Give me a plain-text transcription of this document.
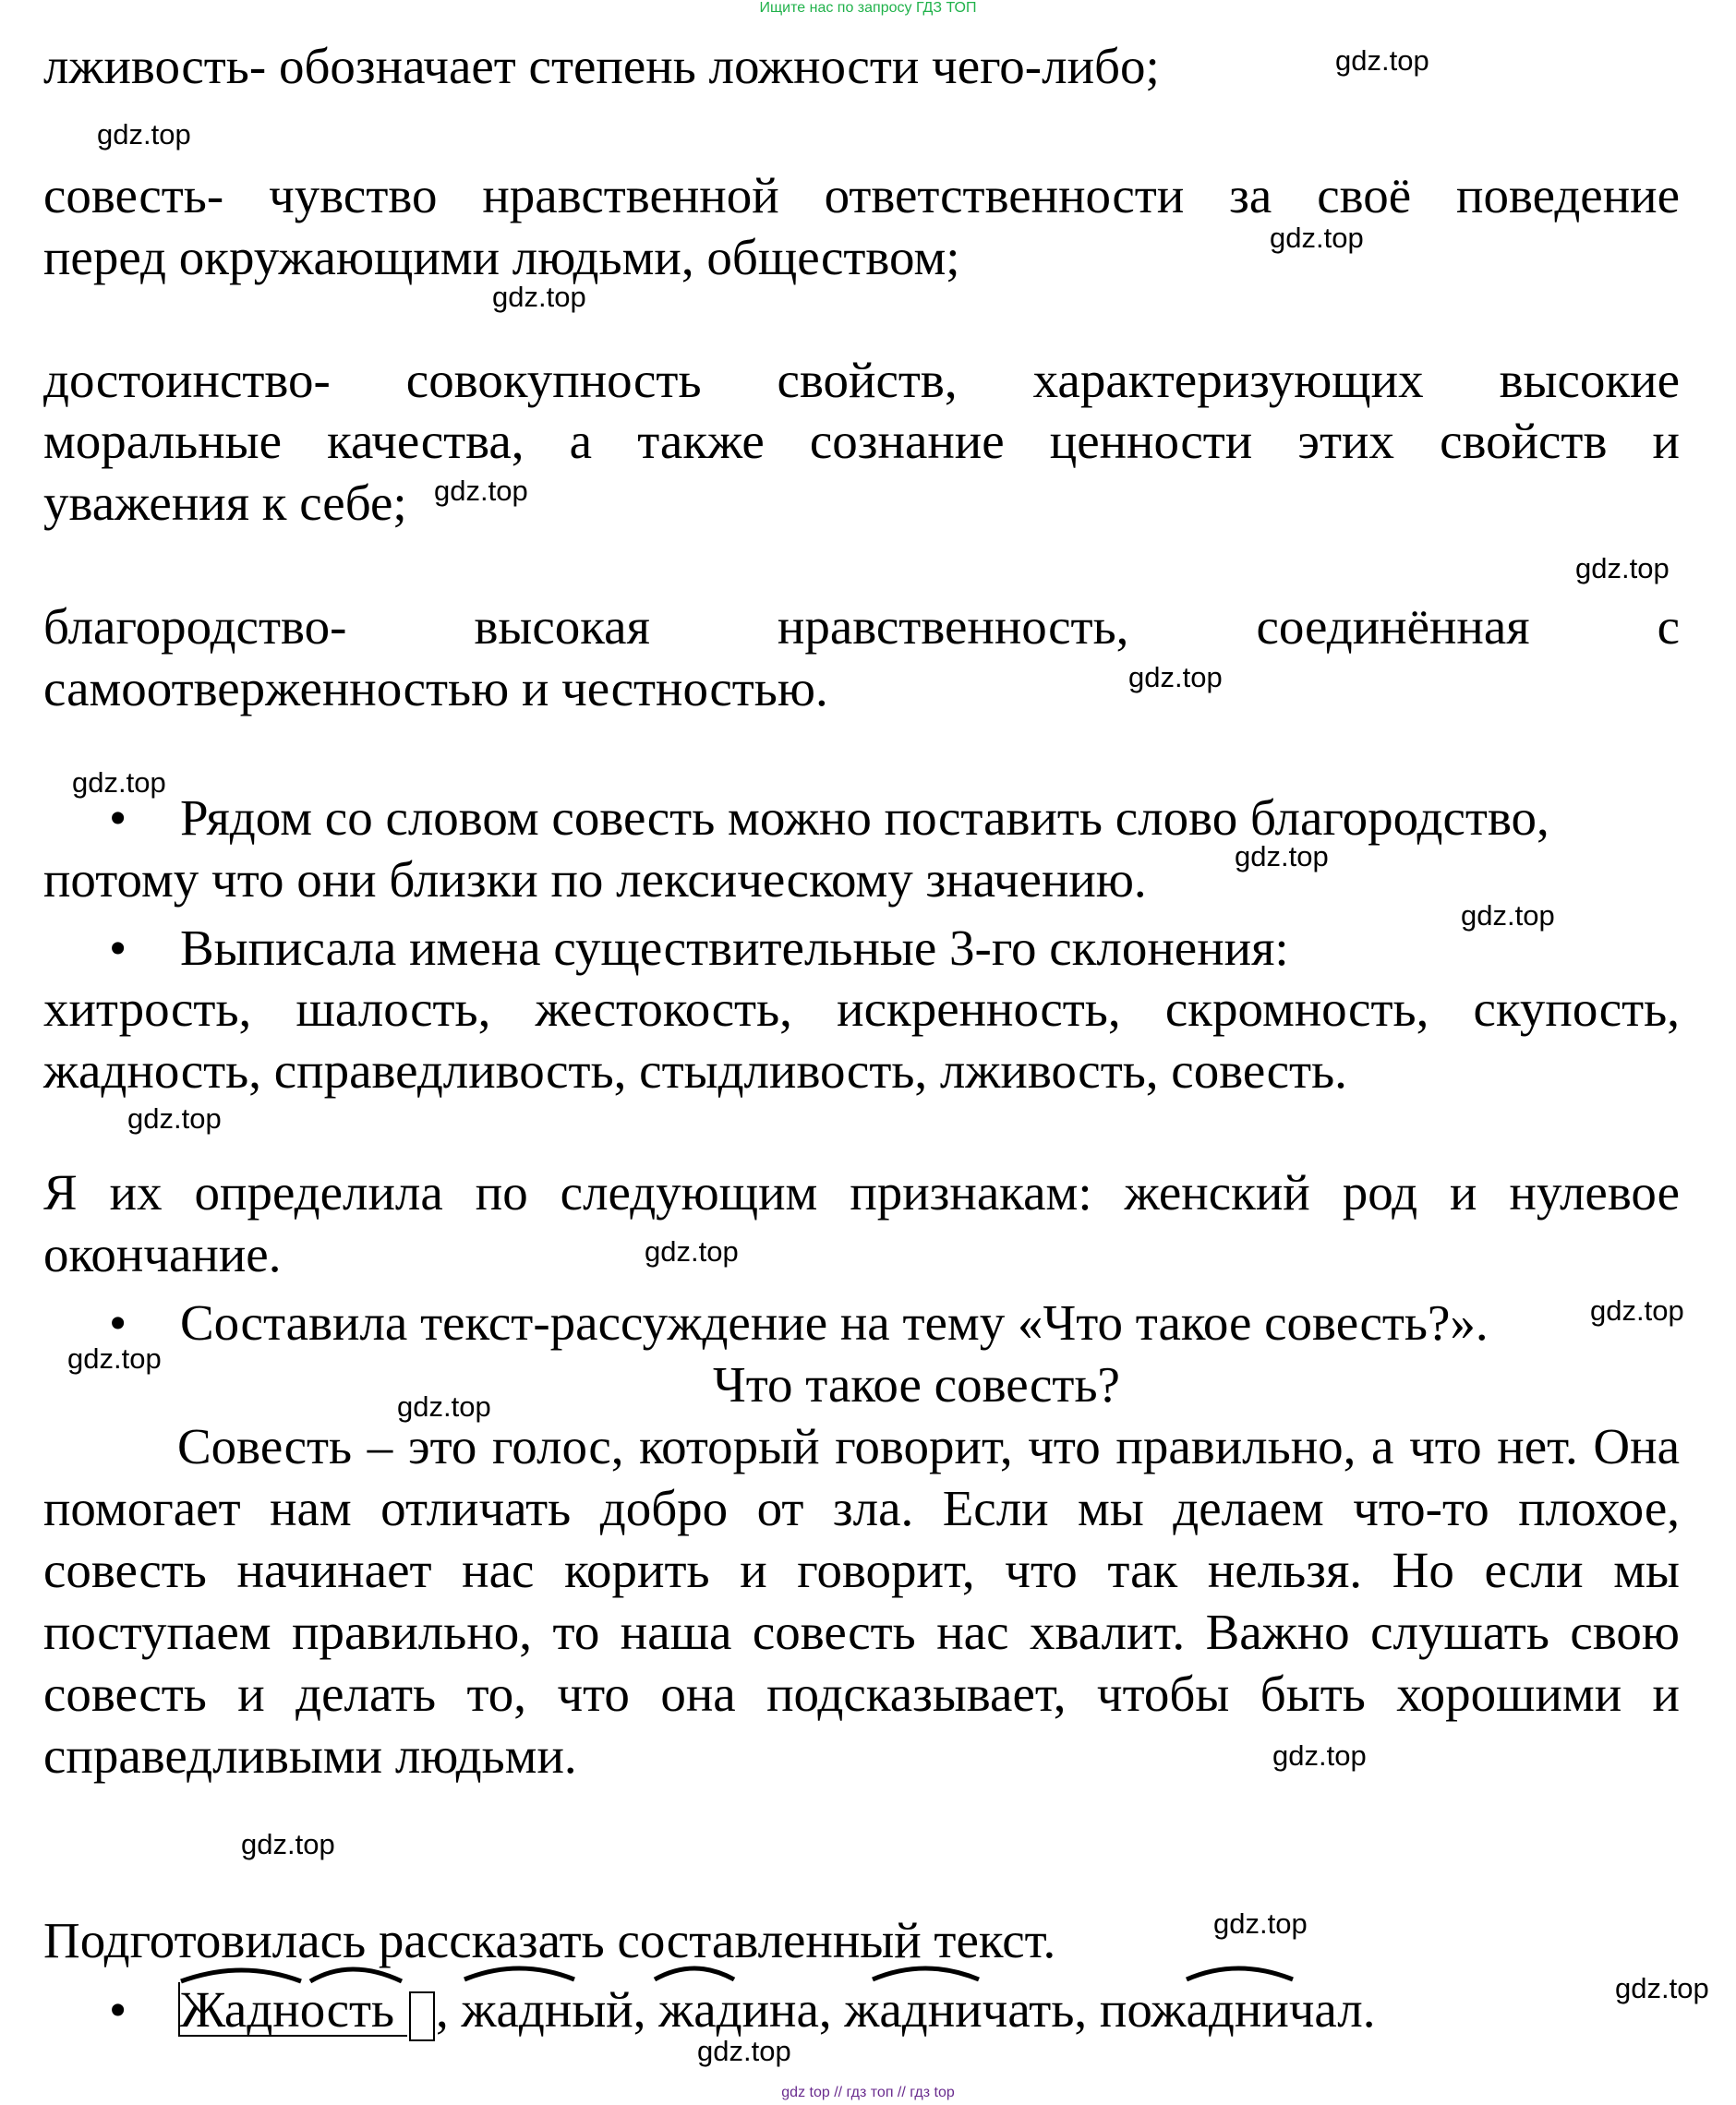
Ищите нас по запросу ГДЗ ТОП
лживость- обозначает степень ложности чего-либо;
совесть- чувство нравственной ответственности за своё поведение
перед окружающими людьми, обществом;
достоинство- совокупность свойств, характеризующих высокие
моральные качества, а также сознание ценности этих свойств и
уважения к себе;
благородство- высокая нравственность, соединённая с
самоотверженностью и честностью.
• Рядом со словом совесть можно поставить слово благородство,
потому что они близки по лексическому значению.
• Выписала имена существительные 3-го склонения:
хитрость, шалость, жестокость, искренность, скромность, скупость,
жадность, справедливость, стыдливость, лживость, совесть.
Я их определила по следующим признакам: женский род и нулевое
окончание.
• Составила текст-рассуждение на тему «Что такое совесть?».
Что такое совесть?
Совесть – это голос, который говорит, что правильно, а что нет. Она помогает нам отличать добро от зла. Если мы делаем что-то плохое, совесть начинает нас корить и говорит, что так нельзя. Но если мы поступаем правильно, то наша совесть нас хвалит. Важно слушать свою совесть и делать то, что она подсказывает, чтобы быть хорошими и справедливыми людьми.
Подготовилась рассказать составленный текст.
• Жадность , жадный, жадина, жадничать, пожадничал.
gdz.top
gdz.top
gdz.top
gdz.top
gdz.top
gdz.top
gdz.top
gdz.top
gdz.top
gdz.top
gdz.top
gdz.top
gdz.top
gdz.top
gdz.top
gdz.top
gdz.top
gdz.top
gdz.top
gdz.top
gdz top // гдз топ // гдз top
